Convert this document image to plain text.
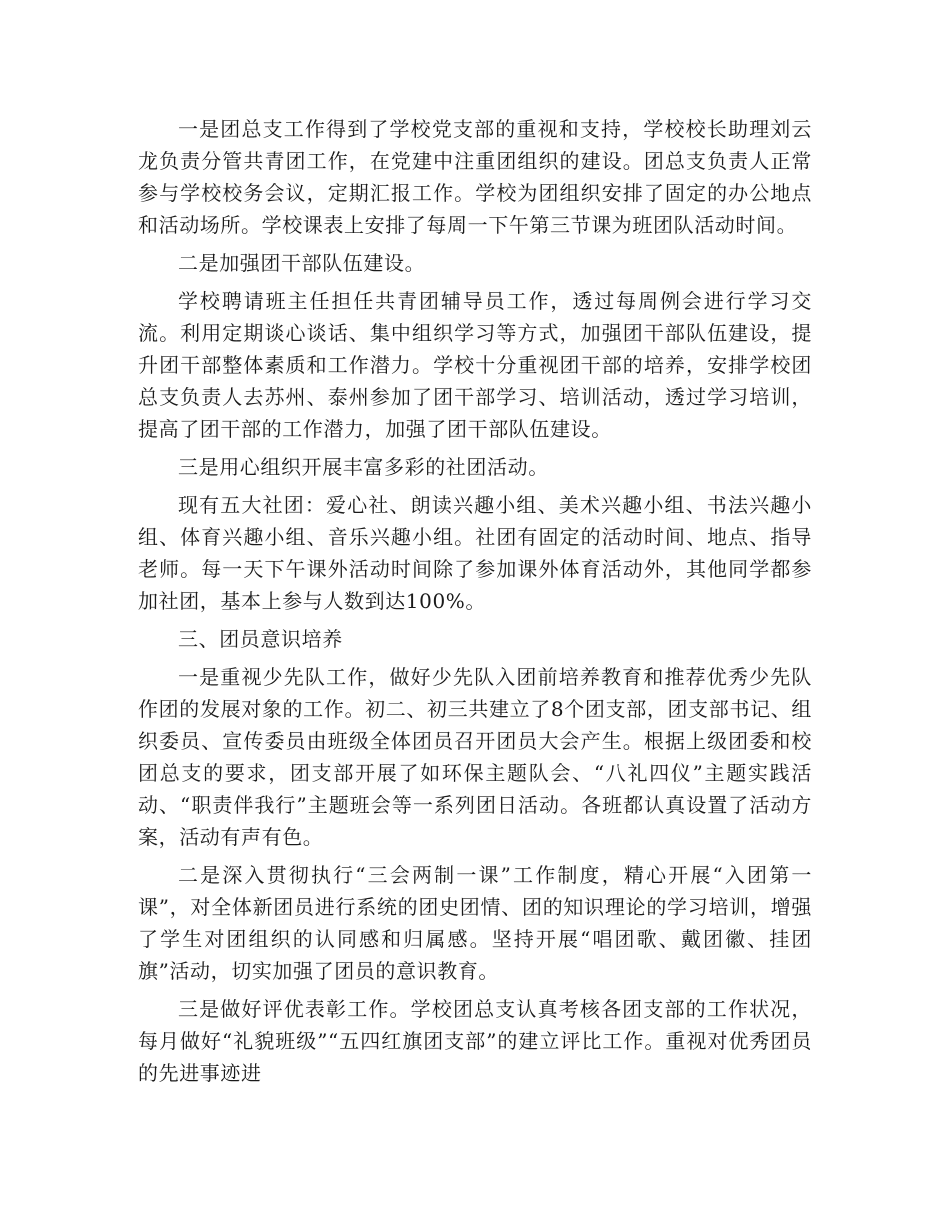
一是团总支工作得到了学校党支部的重视和支持，学校校长助理刘云龙负责分管共青团工作，在党建中注重团组织的建设。团总支负责人正常参与学校校务会议，定期汇报工作。学校为团组织安排了固定的办公地点和活动场所。学校课表上安排了每周一下午第三节课为班团队活动时间。

二是加强团干部队伍建设。

学校聘请班主任担任共青团辅导员工作，透过每周例会进行学习交流。利用定期谈心谈话、集中组织学习等方式，加强团干部队伍建设，提升团干部整体素质和工作潜力。学校十分重视团干部的培养，安排学校团总支负责人去苏州、泰州参加了团干部学习、培训活动，透过学习培训，提高了团干部的工作潜力，加强了团干部队伍建设。

三是用心组织开展丰富多彩的社团活动。

现有五大社团：爱心社、朗读兴趣小组、美术兴趣小组、书法兴趣小组、体育兴趣小组、音乐兴趣小组。社团有固定的活动时间、地点、指导老师。每一天下午课外活动时间除了参加课外体育活动外，其他同学都参加社团，基本上参与人数到达100%。

三、团员意识培养

一是重视少先队工作，做好少先队入团前培养教育和推荐优秀少先队作团的发展对象的工作。初二、初三共建立了8个团支部，团支部书记、组织委员、宣传委员由班级全体团员召开团员大会产生。根据上级团委和校团总支的要求，团支部开展了如环保主题队会、“八礼四仪”主题实践活动、“职责伴我行”主题班会等一系列团日活动。各班都认真设置了活动方案，活动有声有色。

二是深入贯彻执行“三会两制一课”工作制度，精心开展“入团第一课”，对全体新团员进行系统的团史团情、团的知识理论的学习培训，增强了学生对团组织的认同感和归属感。坚持开展“唱团歌、戴团徽、挂团旗”活动，切实加强了团员的意识教育。

三是做好评优表彰工作。学校团总支认真考核各团支部的工作状况，每月做好“礼貌班级”“五四红旗团支部”的建立评比工作。重视对优秀团员的先进事迹进
